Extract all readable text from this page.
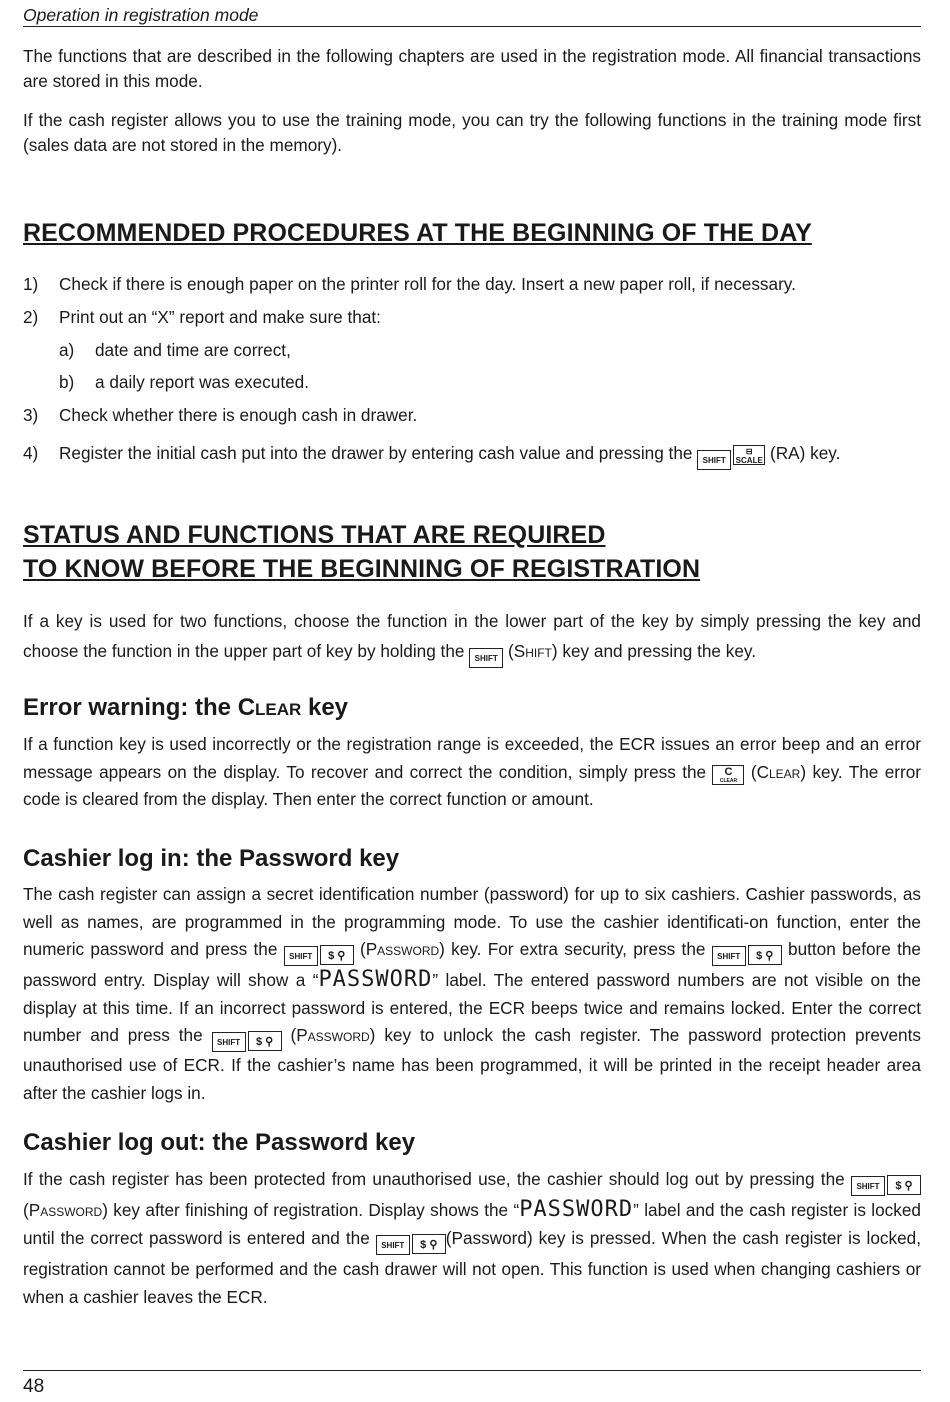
Operation in registration mode

The functions that are described in the following chapters are used in the registration mode. All financial transactions are stored in this mode.

If the cash register allows you to use the training mode, you can try the following functions in the training mode first (sales data are not stored in the memory).

RECOMMENDED PROCEDURES AT THE BEGINNING OF THE DAY
1) Check if there is enough paper on the printer roll for the day. Insert a new paper roll, if necessary.
2) Print out an “X” report and make sure that:
a) date and time are correct,
b) a daily report was executed.
3) Check whether there is enough cash in drawer.
4) Register the initial cash put into the drawer by entering cash value and pressing the SHIFT⊟
SCALE (RA) key.
STATUS AND FUNCTIONS THAT ARE REQUIRED
TO KNOW BEFORE THE BEGINNING OF REGISTRATION

If a key is used for two functions, choose the function in the lower part of the key by simply pressing the key and choose the function in the upper part of key by holding the SHIFT (Shift) key and pressing the key.

Error warning: the Clear key

If a function key is used incorrectly or the registration range is exceeded, the ECR issues an error beep and an error message appears on the display. To recover and correct the condition, simply press the C
CLEAR (Clear) key. The error code is cleared from the display. Then enter the correct function or amount.

Cashier log in: the Password key

The cash register can assign a secret identification number (password) for up to six cashiers. Cashier passwords, as well as names, are programmed in the programming mode. To use the cashier identificati-on function, enter the numeric password and press the SHIFT $ ⚲ (Password) key. For extra security, press the SHIFT $ ⚲ button before the password entry. Display will show a “PASSWORD” label. The entered password numbers are not visible on the display at this time. If an incorrect password is entered, the ECR beeps twice and remains locked. Enter the correct number and press the SHIFT $ ⚲ (Password) key to unlock the cash register. The password protection prevents unauthorised use of ECR. If the cashier’s name has been programmed, it will be printed in the receipt header area after the cashier logs in.

Cashier log out: the Password key

If the cash register has been protected from unauthorised use, the cashier should log out by pressing the SHIFT $ ⚲ (Password) key after finishing of registration. Display shows the “PASSWORD” label and the cash register is locked until the correct password is entered and the SHIFT $ ⚲ (Password) key is pressed. When the cash register is locked, registration cannot be performed and the cash drawer will not open. This function is used when changing cashiers or when a cashier leaves the ECR.

48
